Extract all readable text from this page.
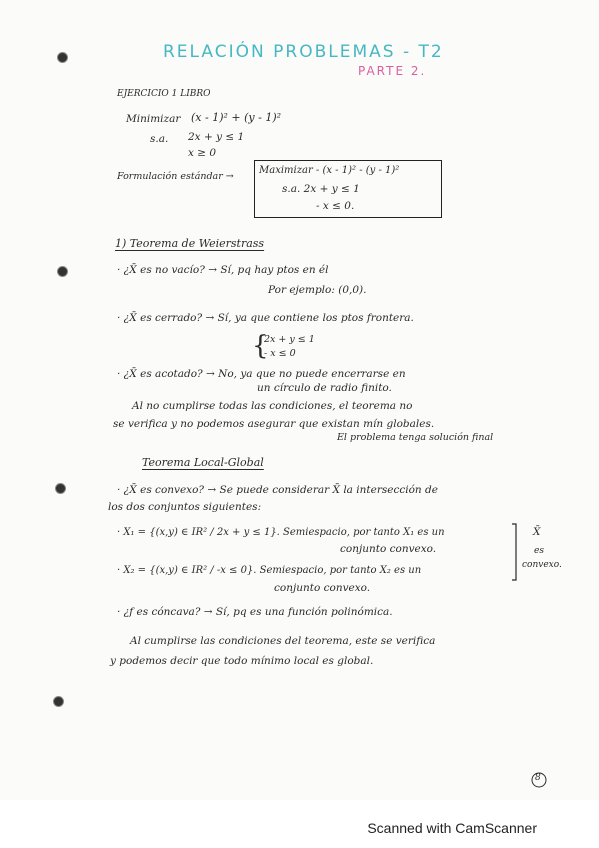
RELACIÓN PROBLEMAS - T2
PARTE 2.
EJERCICIO 1 LIBRO
Minimizar (x - 1)² + (y - 1)²
s.a. 2x + y ≤ 1
x ≥ 0
Formulación estándar →
Maximizar - (x - 1)² - (y - 1)²
s.a. 2x + y ≤ 1
- x ≤ 0.
1) Teorema de Weierstrass
· ¿X̄ es no vacío? → Sí, pq hay ptos en él
Por ejemplo: (0,0).
· ¿X̄ es cerrado? → Sí, ya que contiene los ptos frontera.
{
2x + y ≤ 1
- x ≤ 0
· ¿X̄ es acotado? → No, ya que no puede encerrarse en
un círculo de radio finito.
Al no cumplirse todas las condiciones, el teorema no
se verifica y no podemos asegurar que existan mín globales.
El problema tenga solución final
Teorema Local-Global
· ¿X̄ es convexo? → Se puede considerar X̄ la intersección de
los dos conjuntos siguientes:
· X₁ = {(x,y) ∈ IR² / 2x + y ≤ 1}. Semiespacio, por tanto X₁ es un
conjunto convexo.
· X₂ = {(x,y) ∈ IR² / -x ≤ 0}. Semiespacio, por tanto X₂ es un
conjunto convexo.
X̄
es
convexo.
· ¿f es cóncava? → Sí, pq es una función polinómica.
Al cumplirse las condiciones del teorema, este se verifica
y podemos decir que todo mínimo local es global.
8
Scanned with CamScanner
